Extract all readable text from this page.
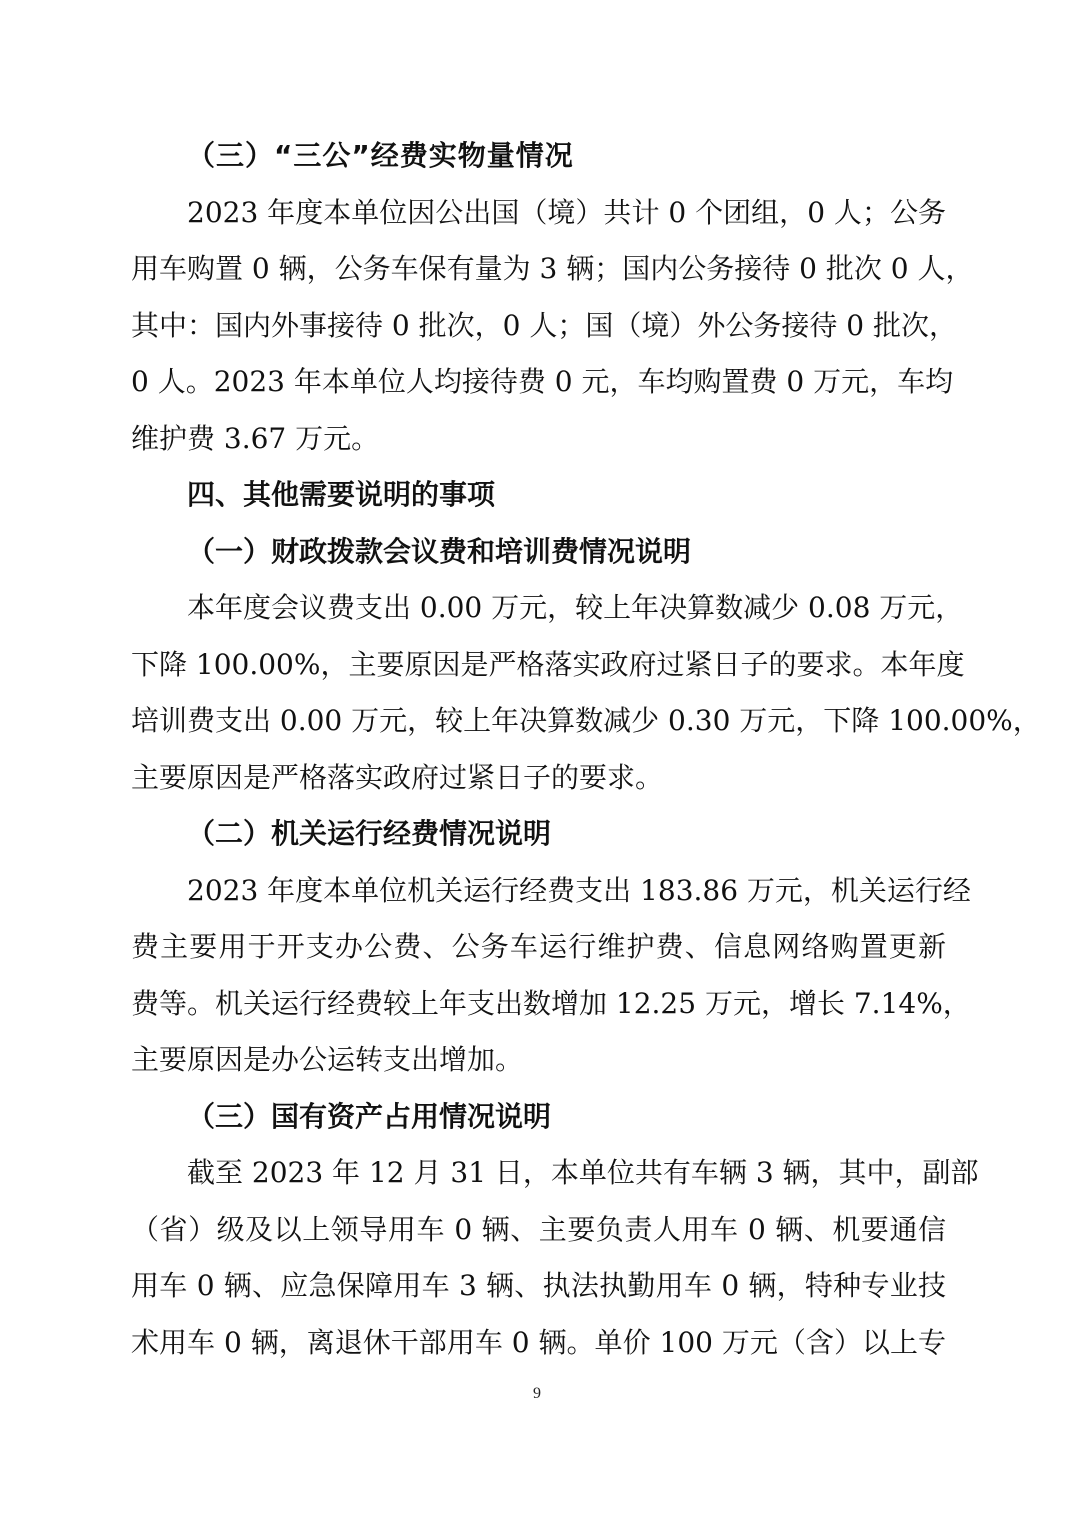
（三）“三公”经费实物量情况
2023 年度本单位因公出国（境）共计 0 个团组，0 人；公务
用车购置 0 辆，公务车保有量为 3 辆；国内公务接待 0 批次 0 人，
其中：国内外事接待 0 批次，0 人；国（境）外公务接待 0 批次，
0 人。2023 年本单位人均接待费 0 元，车均购置费 0 万元，车均
维护费 3.67 万元。
四、其他需要说明的事项
（一）财政拨款会议费和培训费情况说明
本年度会议费支出 0.00 万元，较上年决算数减少 0.08 万元，
下降 100.00%，主要原因是严格落实政府过紧日子的要求。本年度
培训费支出 0.00 万元，较上年决算数减少 0.30 万元，下降 100.00%，
主要原因是严格落实政府过紧日子的要求。
（二）机关运行经费情况说明
2023 年度本单位机关运行经费支出 183.86 万元，机关运行经
费主要用于开支办公费、公务车运行维护费、信息网络购置更新
费等。机关运行经费较上年支出数增加 12.25 万元，增长 7.14%，
主要原因是办公运转支出增加。
（三）国有资产占用情况说明
截至 2023 年 12 月 31 日，本单位共有车辆 3 辆，其中，副部
（省）级及以上领导用车 0 辆、主要负责人用车 0 辆、机要通信
用车 0 辆、应急保障用车 3 辆、执法执勤用车 0 辆，特种专业技
术用车 0 辆，离退休干部用车 0 辆。单价 100 万元（含）以上专
9
